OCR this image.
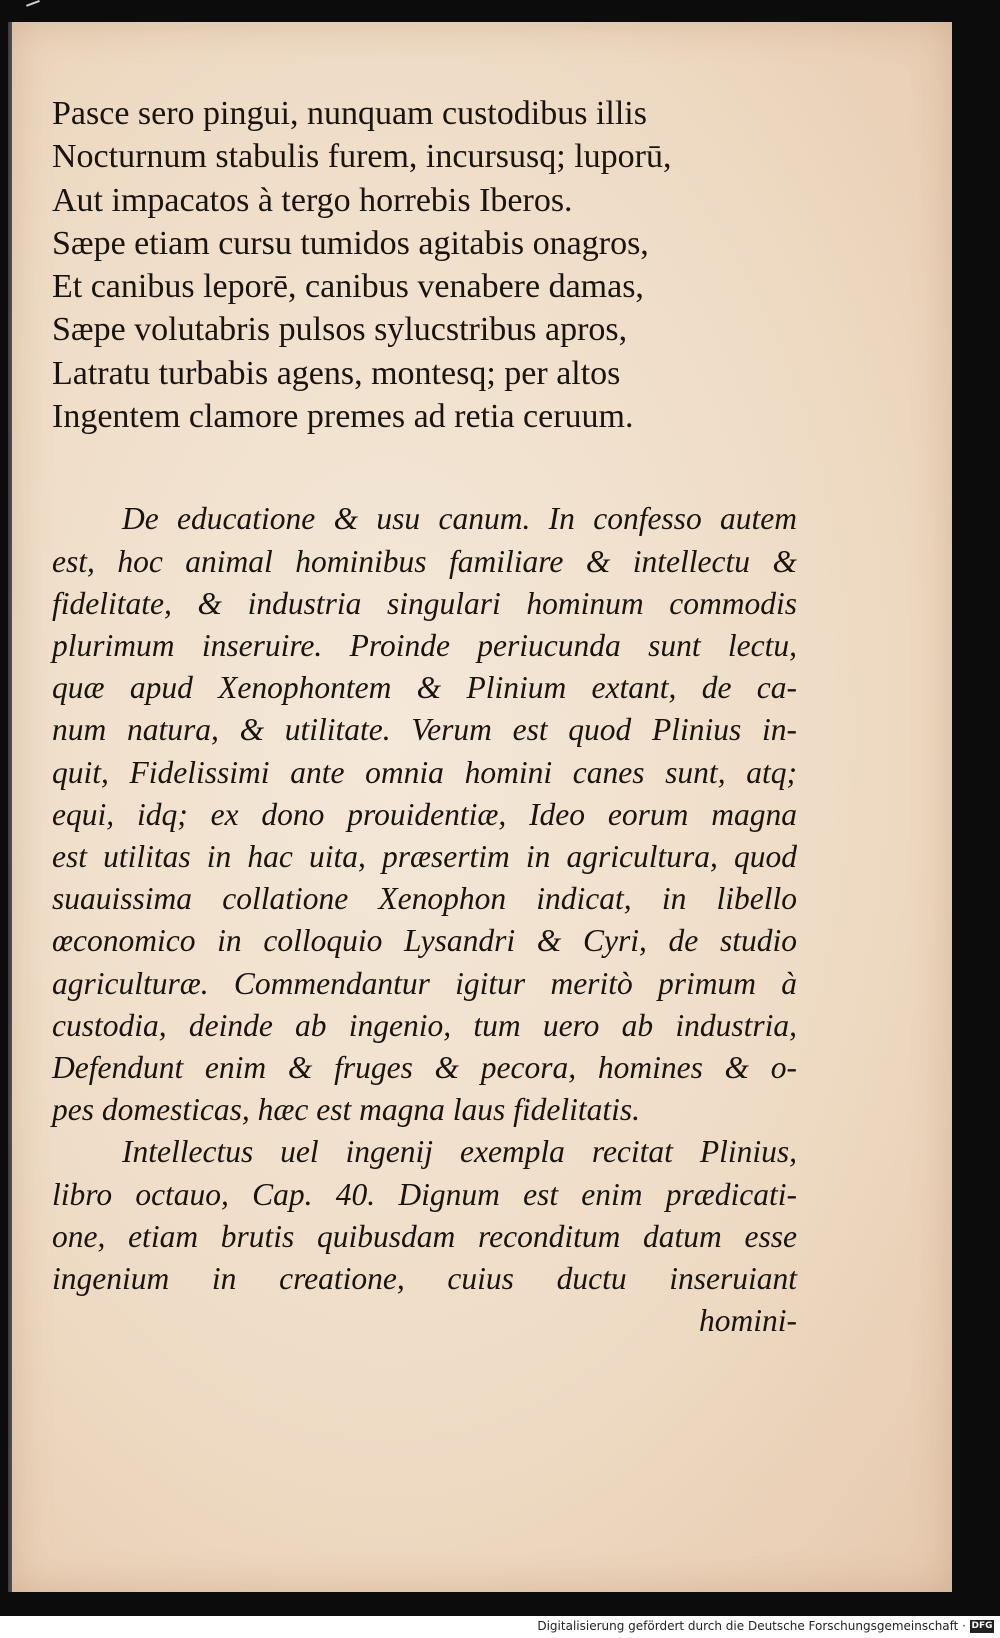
Pasce sero pingui, nunquam custodibus illis
Nocturnum stabulis furem, incursusq; luporū,
Aut impacatos à tergo horrebis Iberos.
Sæpe etiam cursu tumidos agitabis onagros,
Et canibus leporē, canibus venabere damas,
Sæpe volutabris pulsos sylucstribus apros,
Latratu turbabis agens, montesq; per altos
Ingentem clamore premes ad retia ceruum.
De educatione & usu canum. In confesso autem
est, hoc animal hominibus familiare & intellectu &
fidelitate, & industria singulari hominum commodis
plurimum inseruire. Proinde periucunda sunt lectu,
quæ apud Xenophontem & Plinium extant, de ca-
num natura, & utilitate. Verum est quod Plinius in-
quit, Fidelissimi ante omnia homini canes sunt, atq;
equi, idq; ex dono prouidentiæ, Ideo eorum magna
est utilitas in hac uita, præsertim in agricultura, quod
suauissima collatione Xenophon indicat, in libello
œconomico in colloquio Lysandri & Cyri, de studio
agriculturæ. Commendantur igitur meritò primum à
custodia, deinde ab ingenio, tum uero ab industria,
Defendunt enim & fruges & pecora, homines & o-
pes domesticas, hæc est magna laus fidelitatis.
Intellectus uel ingenij exempla recitat Plinius,
libro octauo, Cap. 40. Dignum est enim prædicati-
one, etiam brutis quibusdam reconditum datum esse
ingenium in creatione, cuius ductu inseruiant
homini-
Digitalisierung gefördert durch die Deutsche Forschungsgemeinschaft · DFG
